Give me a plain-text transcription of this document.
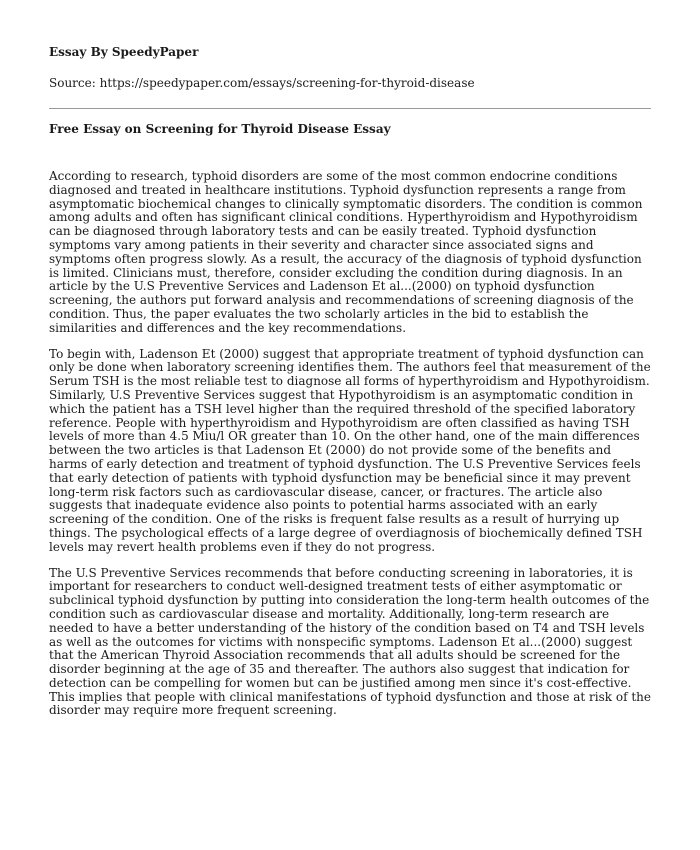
Essay By SpeedyPaper
Source: https://speedypaper.com/essays/screening-for-thyroid-disease
Free Essay on Screening for Thyroid Disease Essay

According to research, typhoid disorders are some of the most common endocrine conditions diagnosed and treated in healthcare institutions. Typhoid dysfunction represents a range from asymptomatic biochemical changes to clinically symptomatic disorders. The condition is common among adults and often has significant clinical conditions. Hyperthyroidism and Hypothyroidism can be diagnosed through laboratory tests and can be easily treated. Typhoid dysfunction symptoms vary among patients in their severity and character since associated signs and symptoms often progress slowly. As a result, the accuracy of the diagnosis of typhoid dysfunction is limited. Clinicians must, therefore, consider excluding the condition during diagnosis. In an article by the U.S Preventive Services and Ladenson Et al...(2000) on typhoid dysfunction screening, the authors put forward analysis and recommendations of screening diagnosis of the condition. Thus, the paper evaluates the two scholarly articles in the bid to establish the similarities and differences and the key recommendations.

To begin with, Ladenson Et (2000) suggest that appropriate treatment of typhoid dysfunction can only be done when laboratory screening identifies them. The authors feel that measurement of the Serum TSH is the most reliable test to diagnose all forms of hyperthyroidism and Hypothyroidism. Similarly, U.S Preventive Services suggest that Hypothyroidism is an asymptomatic condition in which the patient has a TSH level higher than the required threshold of the specified laboratory reference. People with hyperthyroidism and Hypothyroidism are often classified as having TSH levels of more than 4.5 Miu/l OR greater than 10. On the other hand, one of the main differences between the two articles is that Ladenson Et (2000) do not provide some of the benefits and harms of early detection and treatment of typhoid dysfunction. The U.S Preventive Services feels that early detection of patients with typhoid dysfunction may be beneficial since it may prevent long-term risk factors such as cardiovascular disease, cancer, or fractures. The article also suggests that inadequate evidence also points to potential harms associated with an early screening of the condition. One of the risks is frequent false results as a result of hurrying up things. The psychological effects of a large degree of overdiagnosis of biochemically defined TSH levels may revert health problems even if they do not progress.

The U.S Preventive Services recommends that before conducting screening in laboratories, it is important for researchers to conduct well-designed treatment tests of either asymptomatic or subclinical typhoid dysfunction by putting into consideration the long-term health outcomes of the condition such as cardiovascular disease and mortality. Additionally, long-term research are needed to have a better understanding of the history of the condition based on T4 and TSH levels as well as the outcomes for victims with nonspecific symptoms. Ladenson Et al...(2000) suggest that the American Thyroid Association recommends that all adults should be screened for the disorder beginning at the age of 35 and thereafter. The authors also suggest that indication for detection can be compelling for women but can be justified among men since it's cost-effective. This implies that people with clinical manifestations of typhoid dysfunction and those at risk of the disorder may require more frequent screening.
